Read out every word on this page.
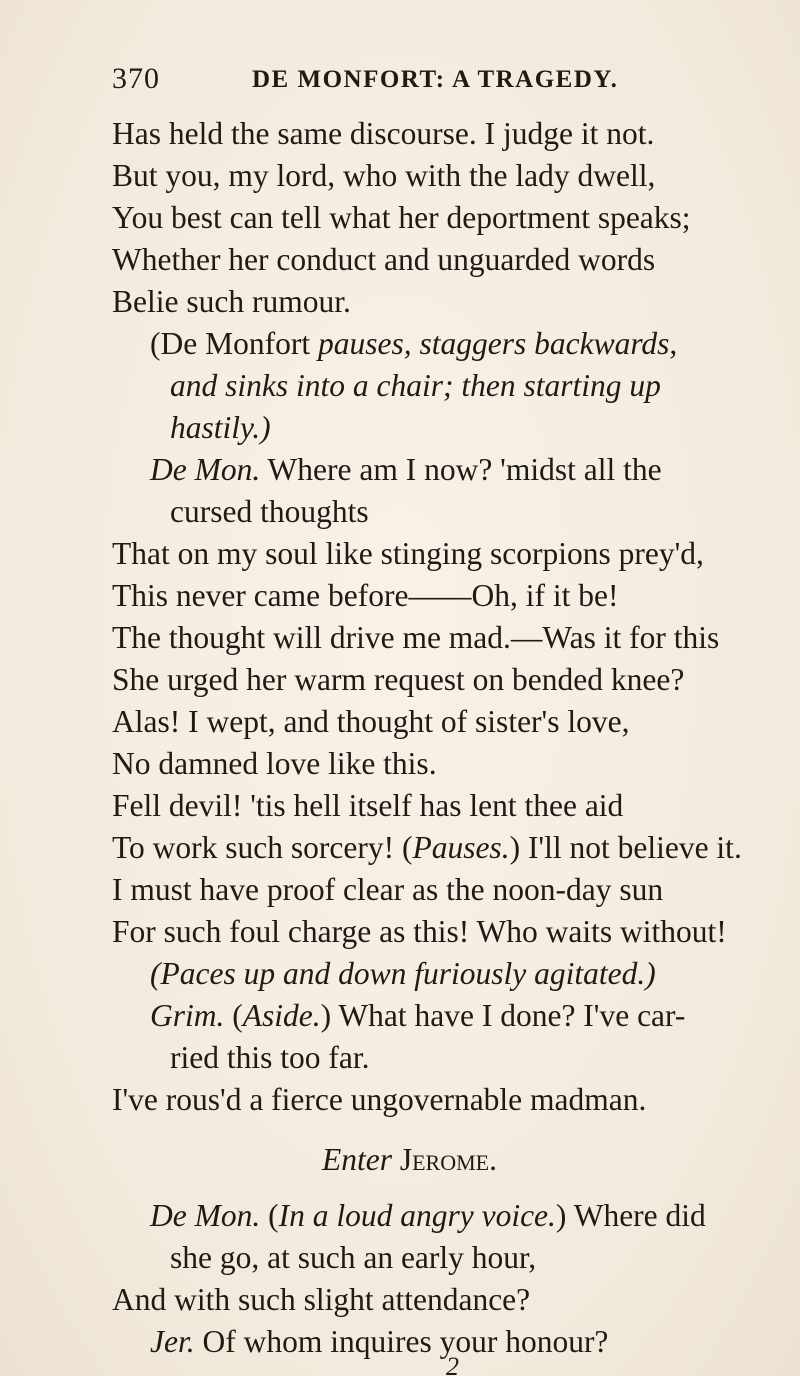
370	DE MONFORT: A TRAGEDY.
Has held the same discourse. I judge it not.
But you, my lord, who with the lady dwell,
You best can tell what her deportment speaks;
Whether her conduct and unguarded words
Belie such rumour.
(De Monfort pauses, staggers backwards,
and sinks into a chair; then starting up
hastily.)
De Mon. Where am I now? 'midst all the
cursed thoughts
That on my soul like stinging scorpions prey'd,
This never came before——Oh, if it be!
The thought will drive me mad.—Was it for this
She urged her warm request on bended knee?
Alas! I wept, and thought of sister's love,
No damned love like this.
Fell devil! 'tis hell itself has lent thee aid
To work such sorcery! (Pauses.) I'll not believe it.
I must have proof clear as the noon-day sun
For such foul charge as this! Who waits without!
(Paces up and down furiously agitated.)
Grim. (Aside.) What have I done? I've car-
ried this too far.
I've rous'd a fierce ungovernable madman.
Enter Jerome.
De Mon. (In a loud angry voice.) Where did
she go, at such an early hour,
And with such slight attendance?
Jer. Of whom inquires your honour?
2
